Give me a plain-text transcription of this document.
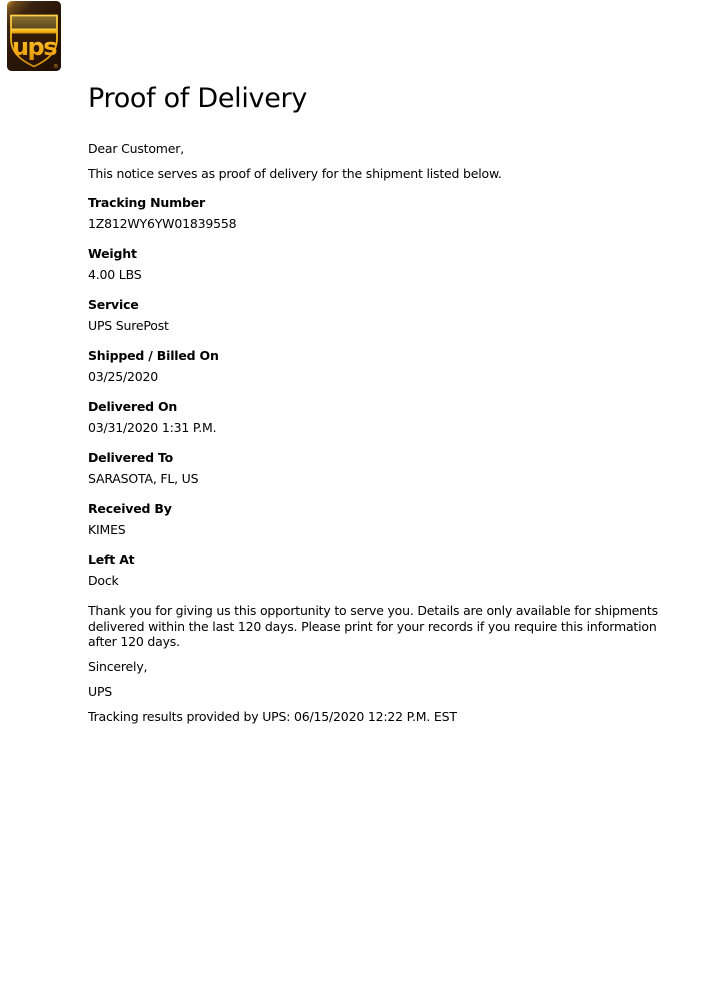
ups
®
Proof of Delivery
Dear Customer,
This notice serves as proof of delivery for the shipment listed below.
Tracking Number
1Z812WY6YW01839558
Weight
4.00 LBS
Service
UPS SurePost
Shipped / Billed On
03/25/2020
Delivered On
03/31/2020 1:31 P.M.
Delivered To
SARASOTA, FL, US
Received By
KIMES
Left At
Dock
Thank you for giving us this opportunity to serve you. Details are only available for shipments
delivered within the last 120 days. Please print for your records if you require this information
after 120 days.
Sincerely,
UPS
Tracking results provided by UPS: 06/15/2020 12:22 P.M. EST
